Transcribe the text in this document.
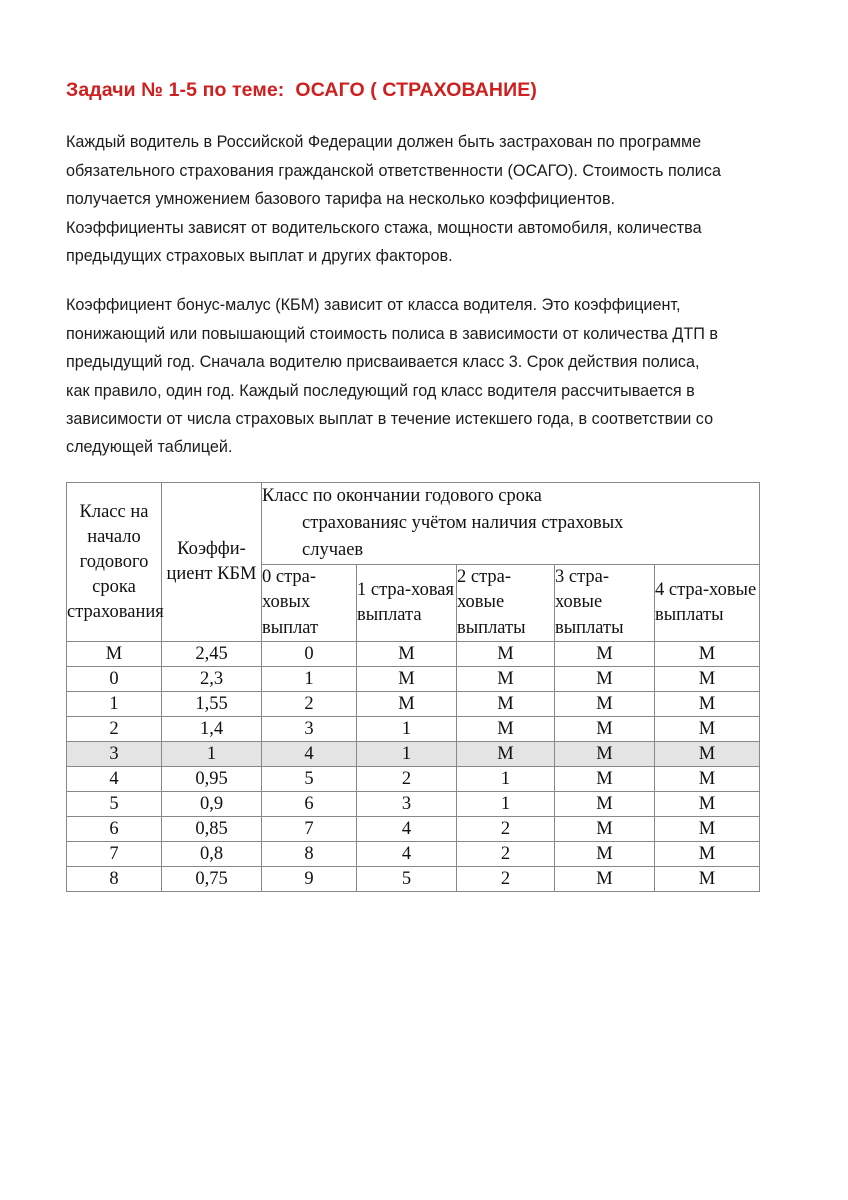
Задачи № 1-5 по теме:  ОСАГО ( СТРАХОВАНИЕ)

Каждый водитель в Российской Федерации должен быть застрахован по программе обязательного страхования гражданской ответственности (ОСАГО). Стоимость полиса получается умножением базового тарифа на несколько коэффициентов. Коэффициенты зависят от водительского стажа, мощности автомобиля, количества предыдущих страховых выплат и других факторов.

Коэффициент бонус-малус (КБМ) зависит от класса водителя. Это коэффициент, понижающий или повышающий стоимость полиса в зависимости от количества ДТП в предыдущий год. Сначала водителю присваивается класс 3. Срок действия полиса, как правило, один год. Каждый последующий год класс водителя рассчитывается в зависимости от числа страховых выплат в течение истекшего года, в соответствии со следующей таблицей.

Класс на начало годового срока страхования	Коэффи-циент КБМ	Класс по окончании годового срока
страхованияс учётом наличия страховых
случаев				

		0 стра-ховых выплат	1 стра-ховая выплата	2 стра-ховые выплаты	3 стра-ховые выплаты	4 стра-ховые выплаты
М	2,45	0	М	М	М	М
0	2,3	1	М	М	М	М
1	1,55	2	М	М	М	М
2	1,4	3	1	М	М	М
3	1	4	1	М	М	М
4	0,95	5	2	1	М	М
5	0,9	6	3	1	М	М
6	0,85	7	4	2	М	М
7	0,8	8	4	2	М	М
8	0,75	9	5	2	М	М
